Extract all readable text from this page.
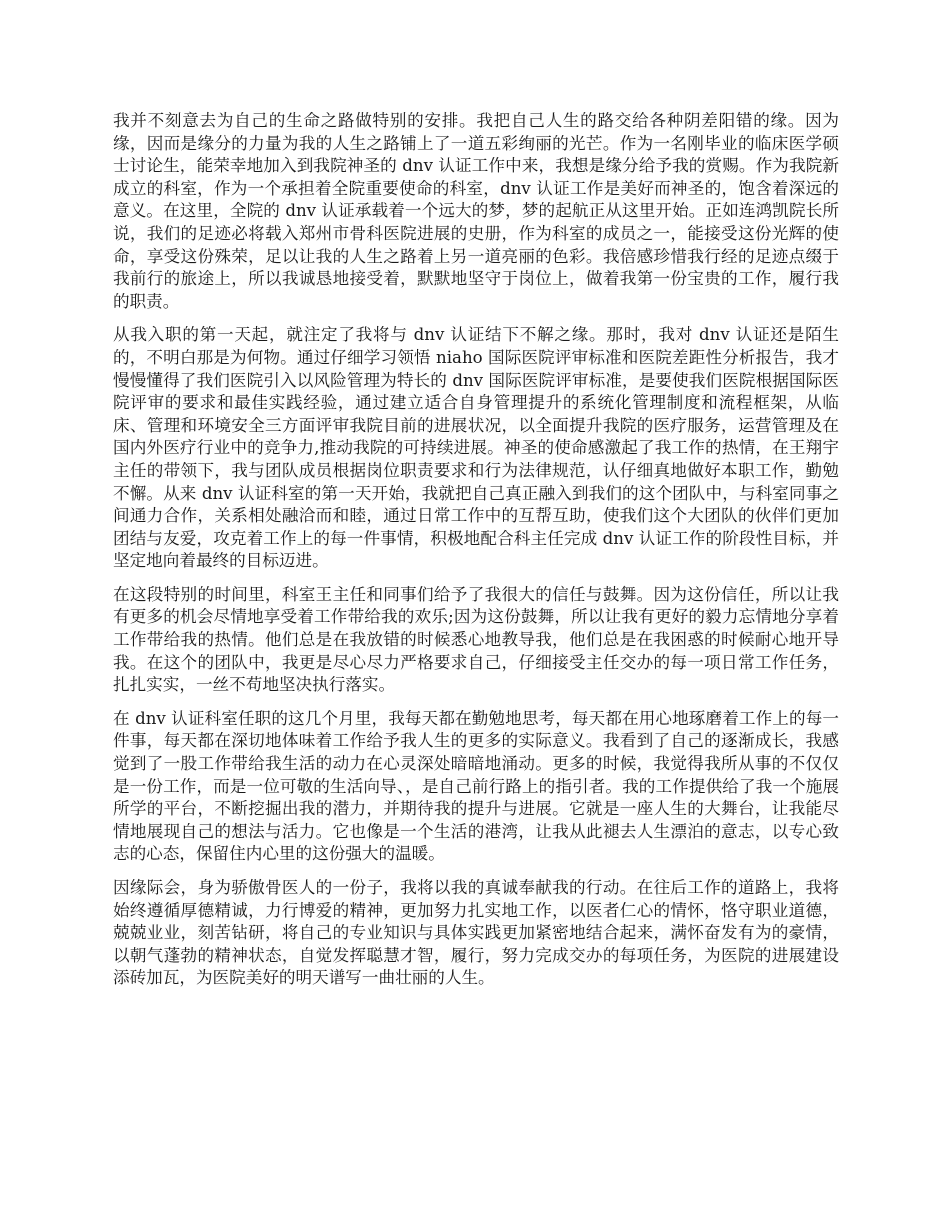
我并不刻意去为自己的生命之路做特别的安排。我把自己人生的路交给各种阴差阳错的缘。因为缘，因而是缘分的力量为我的人生之路铺上了一道五彩绚丽的光芒。作为一名刚毕业的临床医学硕士讨论生，能荣幸地加入到我院神圣的 dnv 认证工作中来，我想是缘分给予我的赏赐。作为我院新成立的科室，作为一个承担着全院重要使命的科室，dnv 认证工作是美好而神圣的，饱含着深远的意义。在这里，全院的 dnv 认证承载着一个远大的梦，梦的起航正从这里开始。正如连鸿凯院长所说，我们的足迹必将载入郑州市骨科医院进展的史册，作为科室的成员之一，能接受这份光辉的使命，享受这份殊荣，足以让我的人生之路着上另一道亮丽的色彩。我倍感珍惜我行经的足迹点缀于我前行的旅途上，所以我诚恳地接受着，默默地坚守于岗位上，做着我第一份宝贵的工作，履行我的职责。

从我入职的第一天起，就注定了我将与 dnv 认证结下不解之缘。那时，我对 dnv 认证还是陌生的，不明白那是为何物。通过仔细学习领悟 niaho 国际医院评审标准和医院差距性分析报告，我才慢慢懂得了我们医院引入以风险管理为特长的 dnv 国际医院评审标准，是要使我们医院根据国际医院评审的要求和最佳实践经验，通过建立适合自身管理提升的系统化管理制度和流程框架，从临床、管理和环境安全三方面评审我院目前的进展状况，以全面提升我院的医疗服务，运营管理及在国内外医疗行业中的竞争力,推动我院的可持续进展。神圣的使命感激起了我工作的热情，在王翔宇主任的带领下，我与团队成员根据岗位职责要求和行为法律规范，认仔细真地做好本职工作，勤勉不懈。从来 dnv 认证科室的第一天开始，我就把自己真正融入到我们的这个团队中，与科室同事之间通力合作，关系相处融洽而和睦，通过日常工作中的互帮互助，使我们这个大团队的伙伴们更加团结与友爱，攻克着工作上的每一件事情，积极地配合科主任完成 dnv 认证工作的阶段性目标，并坚定地向着最终的目标迈进。

在这段特别的时间里，科室王主任和同事们给予了我很大的信任与鼓舞。因为这份信任，所以让我有更多的机会尽情地享受着工作带给我的欢乐;因为这份鼓舞，所以让我有更好的毅力忘情地分享着工作带给我的热情。他们总是在我放错的时候悉心地教导我，他们总是在我困惑的时候耐心地开导我。在这个的团队中，我更是尽心尽力严格要求自己，仔细接受主任交办的每一项日常工作任务，扎扎实实，一丝不苟地坚决执行落实。

在 dnv 认证科室任职的这几个月里，我每天都在勤勉地思考，每天都在用心地琢磨着工作上的每一件事，每天都在深切地体味着工作给予我人生的更多的实际意义。我看到了自己的逐渐成长，我感觉到了一股工作带给我生活的动力在心灵深处暗暗地涌动。更多的时候，我觉得我所从事的不仅仅是一份工作，而是一位可敬的生活向导、，是自己前行路上的指引者。我的工作提供给了我一个施展所学的平台，不断挖掘出我的潜力，并期待我的提升与进展。它就是一座人生的大舞台，让我能尽情地展现自己的想法与活力。它也像是一个生活的港湾，让我从此褪去人生漂泊的意志，以专心致志的心态，保留住内心里的这份强大的温暖。

因缘际会，身为骄傲骨医人的一份子，我将以我的真诚奉献我的行动。在往后工作的道路上，我将始终遵循厚德精诚，力行博爱的精神，更加努力扎实地工作，以医者仁心的情怀，恪守职业道德，兢兢业业，刻苦钻研，将自己的专业知识与具体实践更加紧密地结合起来，满怀奋发有为的豪情，以朝气蓬勃的精神状态，自觉发挥聪慧才智，履行，努力完成交办的每项任务，为医院的进展建设添砖加瓦，为医院美好的明天谱写一曲壮丽的人生。
